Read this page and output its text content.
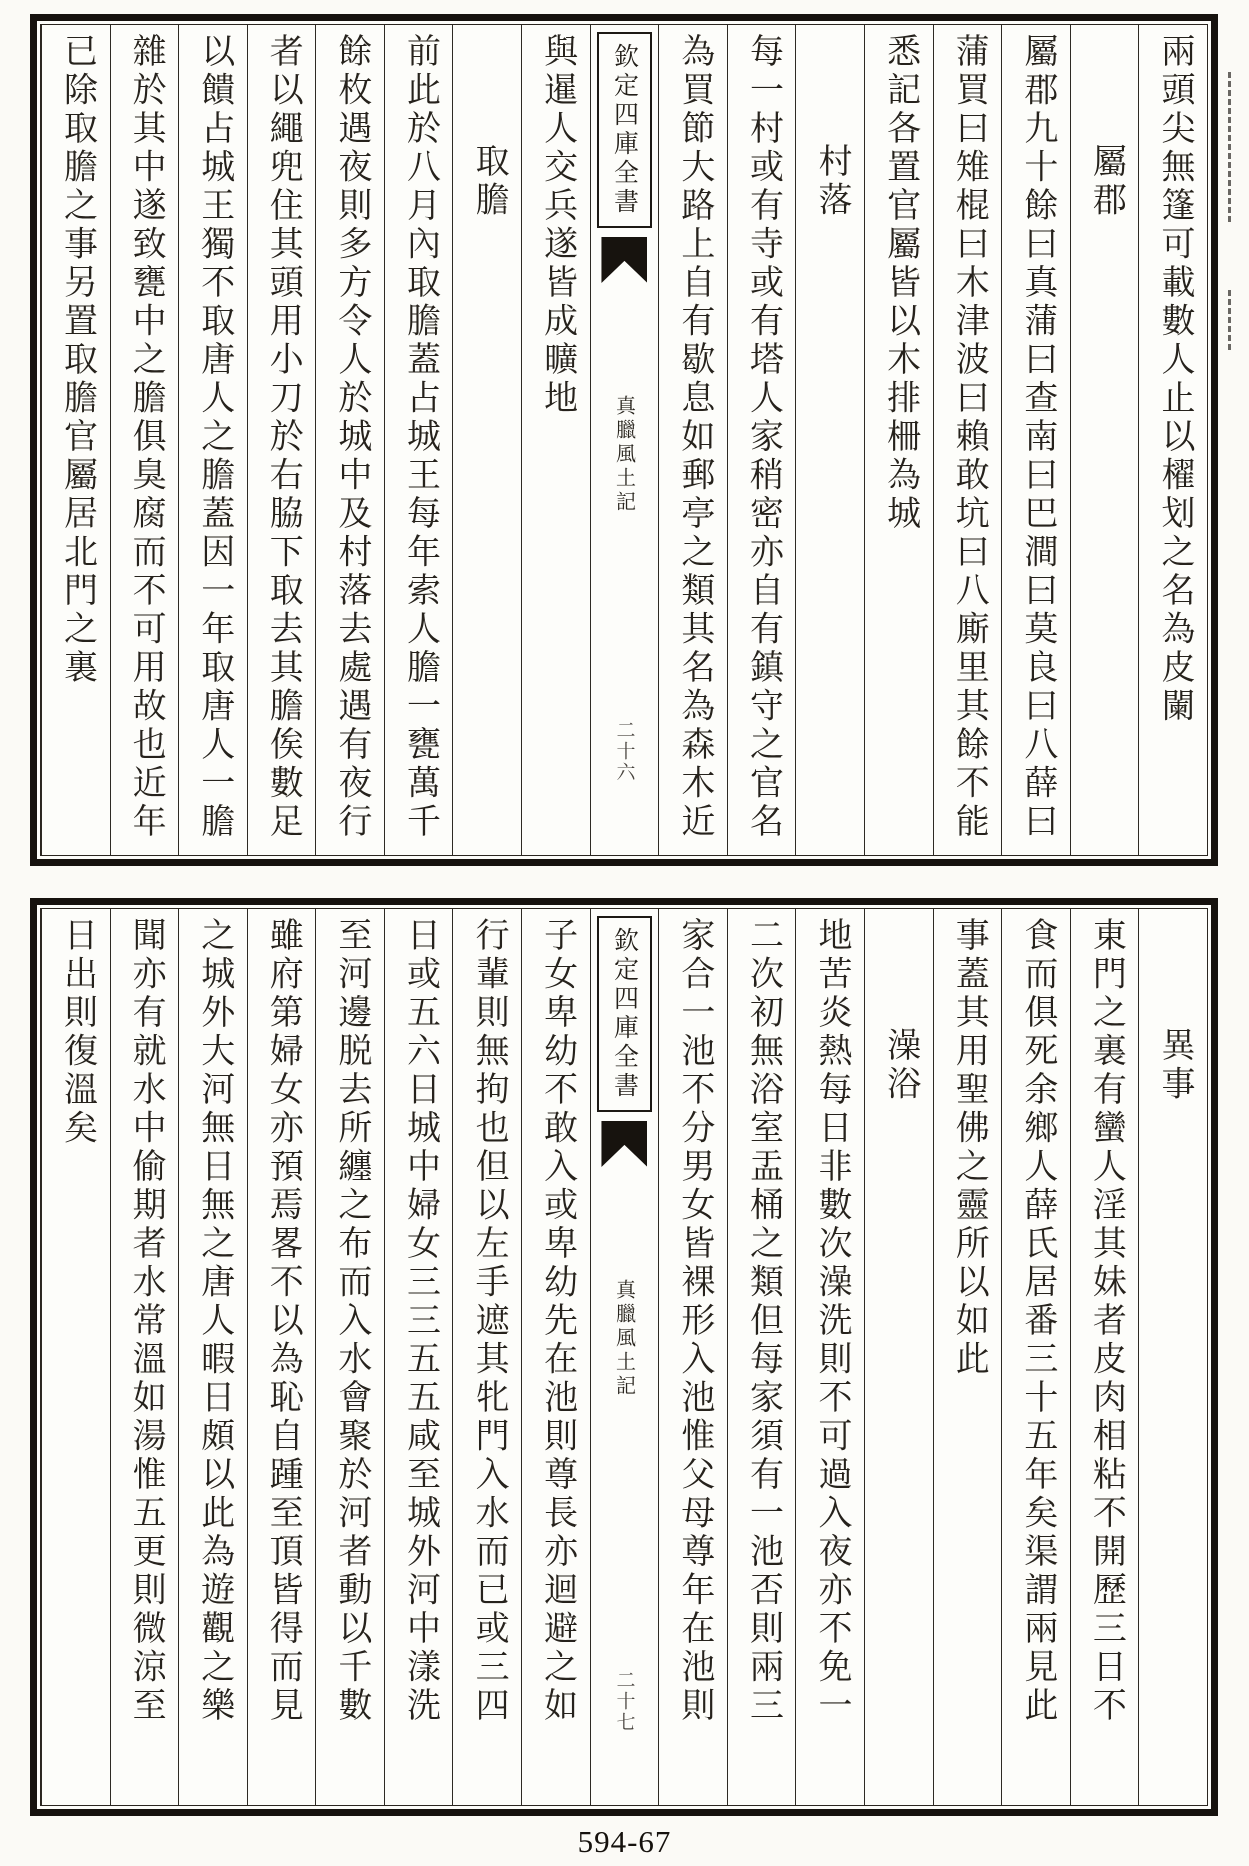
兩頭尖無篷可載數人止以櫂划之名為皮闌
屬郡
屬郡九十餘曰真蒲曰查南曰巴澗曰莫良曰八薛曰
蒲買曰雉棍曰木津波曰賴敢坑曰八廝里其餘不能
悉記各置官屬皆以木排柵為城
村落
每一村或有寺或有塔人家稍密亦自有鎮守之官名
為買節大路上自有歇息如郵亭之類其名為森木近
欽定四庫全書
真臘風土記
二十六
與暹人交兵遂皆成曠地
取膽
前此於八月內取膽蓋占城王每年索人膽一甕萬千
餘枚遇夜則多方令人於城中及村落去處遇有夜行
者以繩兜住其頭用小刀於右脇下取去其膽俟數足
以饋占城王獨不取唐人之膽蓋因一年取唐人一膽
雜於其中遂致甕中之膽俱臭腐而不可用故也近年
已除取膽之事另置取膽官屬居北門之裏
異事
東門之裏有蠻人淫其妹者皮肉相粘不開歷三日不
食而俱死余鄉人薛氏居番三十五年矣渠謂兩見此
事蓋其用聖佛之靈所以如此
澡浴
地苦炎熱每日非數次澡洗則不可過入夜亦不免一
二次初無浴室盂桶之類但每家須有一池否則兩三
家合一池不分男女皆裸形入池惟父母尊年在池則
欽定四庫全書
真臘風土記
二十七
子女卑幼不敢入或卑幼先在池則尊長亦迴避之如
行輩則無拘也但以左手遮其牝門入水而已或三四
日或五六日城中婦女三三五五咸至城外河中漾洗
至河邊脱去所纏之布而入水會聚於河者動以千數
雖府第婦女亦預焉畧不以為恥自踵至頂皆得而見
之城外大河無日無之唐人暇日頗以此為遊觀之樂
聞亦有就水中偷期者水常溫如湯惟五更則微涼至
日出則復溫矣
594-67
